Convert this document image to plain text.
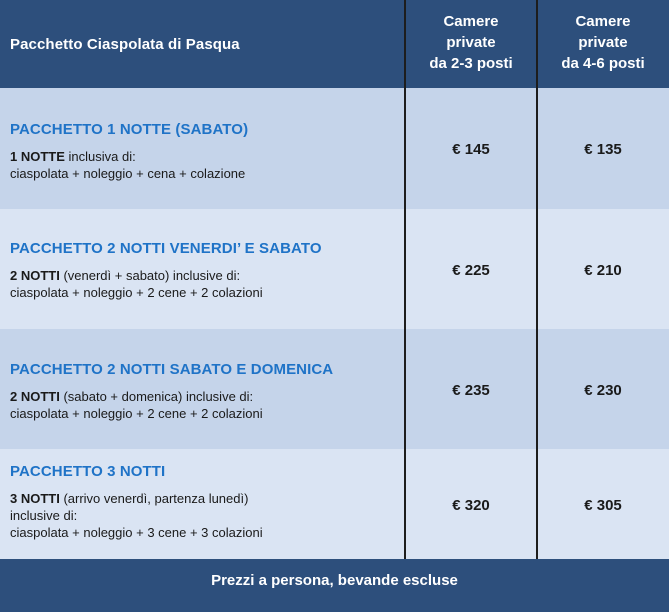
Pacchetto Ciaspolata di Pasqua
Camere
private
da 2-3 posti
Camere
private
da 4-6 posti
PACCHETTO 1 NOTTE (SABATO)
1 NOTTE inclusiva di:
ciaspolata + noleggio + cena + colazione
€ 145	€ 135
PACCHETTO 2 NOTTI VENERDI’ E SABATO
2 NOTTI (venerdì + sabato) inclusive di:
ciaspolata + noleggio + 2 cene + 2 colazioni
€ 225	€ 210
PACCHETTO 2 NOTTI SABATO E DOMENICA
2 NOTTI (sabato + domenica) inclusive di:
ciaspolata + noleggio + 2 cene + 2 colazioni
€ 235	€ 230
PACCHETTO 3 NOTTI
3 NOTTI (arrivo venerdì, partenza lunedì)
inclusive di:
ciaspolata + noleggio + 3 cene + 3 colazioni
€ 320	€ 305
Prezzi a persona, bevande escluse
